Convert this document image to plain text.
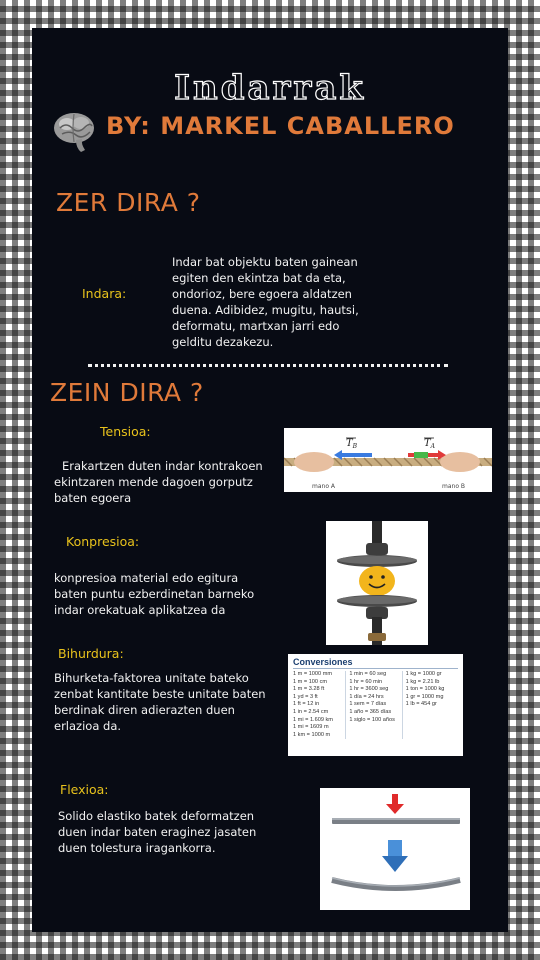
Indarrak
BY: MARKEL CABALLERO
ZER DIRA ?
Indara:
Indar bat objektu baten gainean egiten den ekintza bat da eta, ondorioz, bere egoera aldatzen duena. Adibidez, mugitu, hautsi, deformatu, martxan jarri edo gelditu dezakezu.
ZEIN DIRA ?
Tensioa:
Erakartzen duten indar kontrakoen ekintzaren mende dagoen gorputz baten egoera
$T_B$	$T_A$
mano A	mano B
Konpresioa:
konpresioa material edo egitura baten puntu ezberdinetan barneko indar orekatuak aplikatzea da
Bihurdura:
Bihurketa-faktorea unitate bateko zenbat kantitate beste unitate baten berdinak diren adierazten duen erlazioa da.
Conversiones
1 m = 1000 mm
1 m = 100 cm
1 m = 3.28 ft
1 yd = 3 ft
1 ft = 12 in
1 in = 2.54 cm
1 mi = 1.609 km
1 mi = 1609 m
1 km = 1000 m
1 min = 60 seg
1 hr = 60 min
1 hr = 3600 seg
1 día = 24 hrs
1 sem = 7 días
1 año = 365 días
1 siglo = 100 años
1 kg = 1000 gr
1 kg = 2.21 lb
1 ton = 1000 kg
1 gr = 1000 mg
1 lb = 454 gr
Flexioa:
Solido elastiko batek deformatzen duen indar baten eraginez jasaten duen tolestura iragankorra.
